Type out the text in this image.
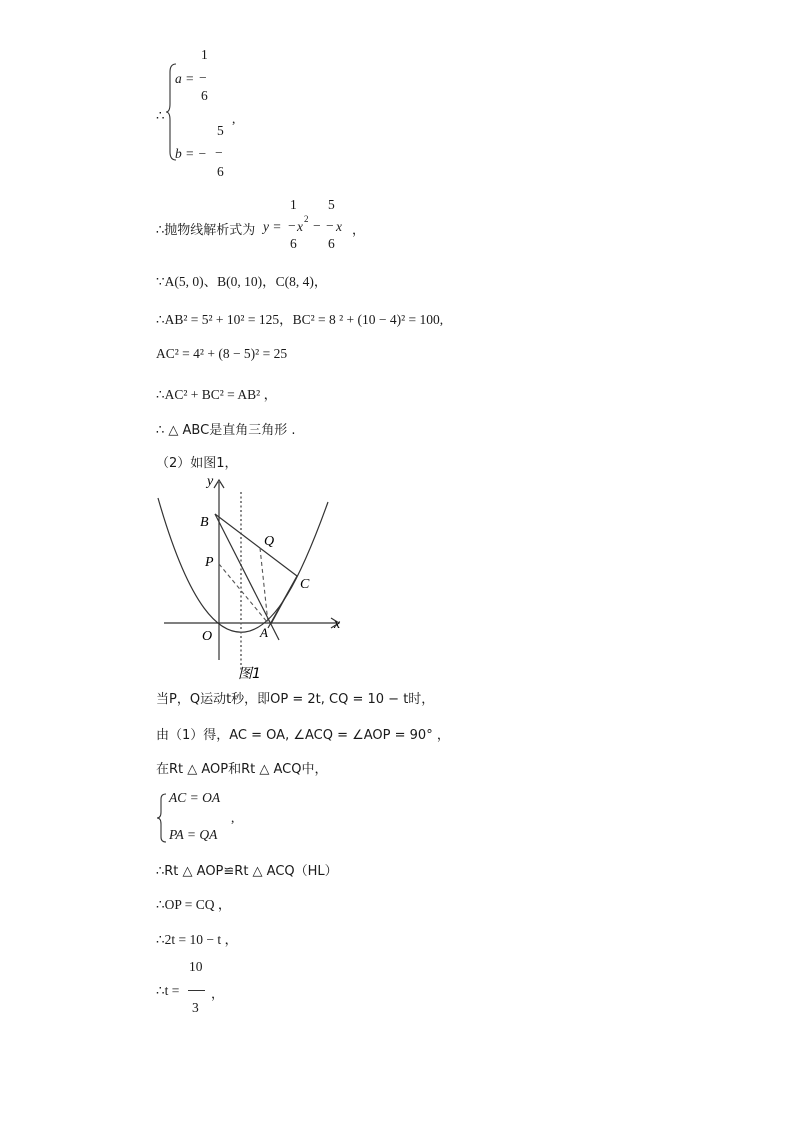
∴
1
a = −
6
5
,
b = − −
6
1 5
∴抛物线解析式为 y = − x 2 − − x ，
6 6
∵A(5, 0)、B(0, 10)，C(8, 4)，
∴AB² = 5² + 10² = 125，BC² = 8 ² + (10 − 4)² = 100,
AC² = 4² + (8 − 5)² = 25
∴AC² + BC² = AB² ，
∴ △ ABC是直角三角形 .
（2）如图1，
y
x
B
Q
P
C
O	A
图1
当P，Q运动t秒，即OP = 2t, CQ = 10 − t时，
由（1）得，AC = OA, ∠ACQ = ∠AOP = 90° ，
在Rt △ AOP和Rt △ ACQ中，
AC = OA
PA = QA
,
∴Rt △ AOP≌Rt △ ACQ（HL）
∴OP = CQ ，
∴2t = 10 − t ，
10
∴t = ，
3
